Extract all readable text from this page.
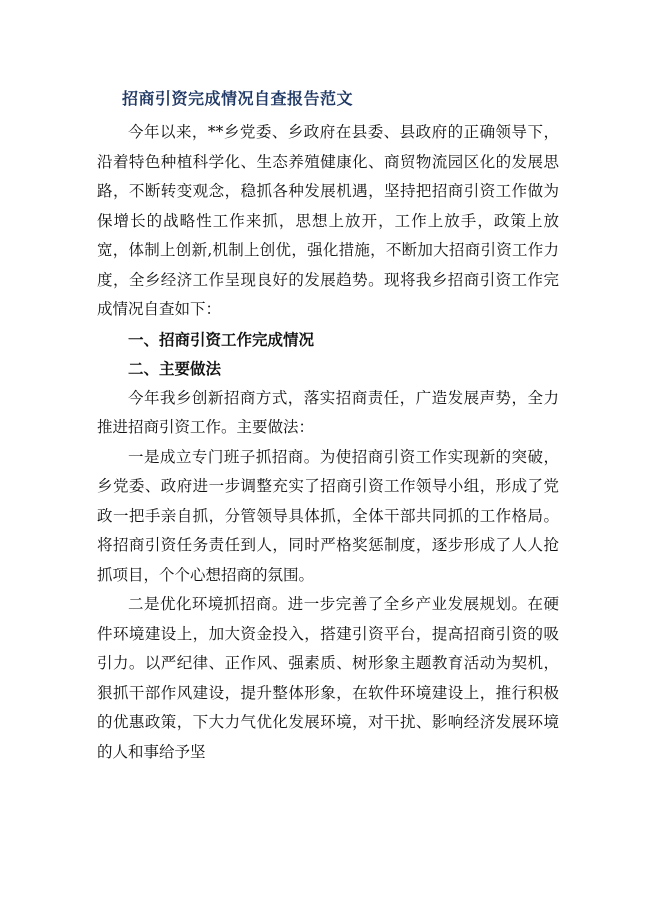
招商引资完成情况自查报告范文

今年以来，**乡党委、乡政府在县委、县政府的正确领导下，沿着特色种植科学化、生态养殖健康化、商贸物流园区化的发展思路，不断转变观念，稳抓各种发展机遇，坚持把招商引资工作做为保增长的战略性工作来抓，思想上放开，工作上放手，政策上放宽，体制上创新,机制上创优，强化措施，不断加大招商引资工作力度，全乡经济工作呈现良好的发展趋势。现将我乡招商引资工作完成情况自查如下：

一、招商引资工作完成情况

二、主要做法

今年我乡创新招商方式，落实招商责任，广造发展声势，全力推进招商引资工作。主要做法：

一是成立专门班子抓招商。为使招商引资工作实现新的突破，乡党委、政府进一步调整充实了招商引资工作领导小组，形成了党政一把手亲自抓，分管领导具体抓，全体干部共同抓的工作格局。将招商引资任务责任到人，同时严格奖惩制度，逐步形成了人人抢抓项目，个个心想招商的氛围。

二是优化环境抓招商。进一步完善了全乡产业发展规划。在硬件环境建设上，加大资金投入，搭建引资平台，提高招商引资的吸引力。以严纪律、正作风、强素质、树形象主题教育活动为契机，狠抓干部作风建设，提升整体形象，在软件环境建设上，推行积极的优惠政策，下大力气优化发展环境，对干扰、影响经济发展环境的人和事给予坚
